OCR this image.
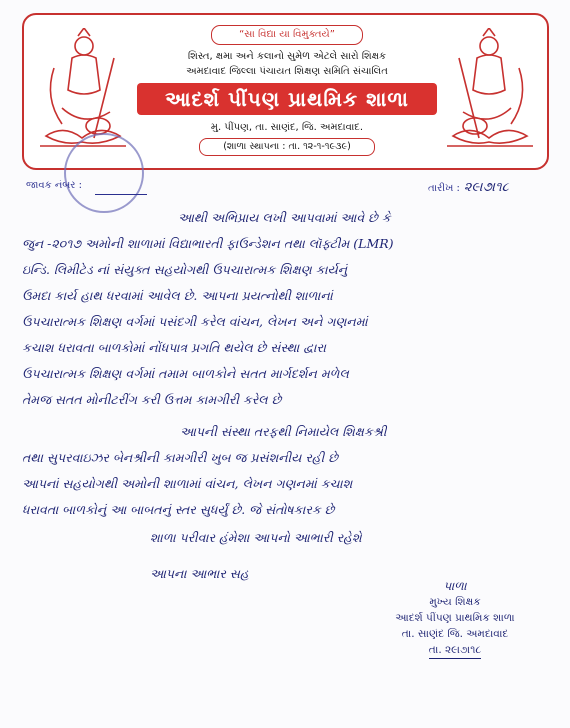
“સા વિદ્યા યા વિમુક્તયે”
શિસ્ત, ક્ષમા અને કલાનો સુમેળ એટલે સારો શિક્ષક
અમદાવાદ જિલ્લા પંચાયત શિક્ષણ સમિતિ સંચાલિત
આદર્શ પીંપણ પ્રાથમિક શાળા
મુ. પીંપણ, તા. સાણંદ, જિ. અમદાવાદ.
(શાળા સ્થાપના : તા. ૧૨-૧-૧૯૩૯)
જાવક નંબર :	તારીખ : ૨૯।૭।૧૮
આથી અભિપ્રાય લખી આપવામાં આવે છે કે
જુન -૨૦૧૭ અમોની શાળામાં વિદ્યાભારતી ફાઉન્ડેશન તથા લૉફ્ટીમ (LMR)
ઇન્ડિ. લિમીટેડ નાં સંયુક્ત સહયોગથી ઉપચારાત્મક શિક્ષણ કાર્યનું
ઉમદા કાર્ય હાથ ધરવામાં આવેલ છે. આપના પ્રયત્નોથી શાળાનાં
ઉપચારાત્મક શિક્ષણ વર્ગમાં પસંદગી કરેલ વાંચન, લેખન અને ગણનમાં
કચાશ ધરાવતા બાળકોમાં નોંધપાત્ર પ્રગતિ થયેલ છે સંસ્થા દ્વારા
ઉપચારાત્મક શિક્ષણ વર્ગમાં તમામ બાળકોને સતત માર્ગદર્શન મળેલ
તેમજ સતત મોનીટરીંગ કરી ઉત્તમ કામગીરી કરેલ છે
આપની સંસ્થા તરફથી નિમાયેલ શિક્ષકશ્રી
તથા સુપરવાઇઝર બેનશ્રીની કામગીરી ખુબ જ પ્રસંશનીય રહી છે
આપનાં સહયોગથી અમોની શાળામાં વાંચન, લેખન ગણનમાં કચાશ
ધરાવતા બાળકોનું આ બાબતનું સ્તર સુધર્યું છે. જે સંતોષકારક છે
શાળા પરીવાર હંમેશા આપનો આભારી રહેશે
આપના આભાર સહ
પાળા
મુખ્ય શિક્ષક
આદર્શ પીંપણ પ્રાથમિક શાળા
તા. સાણંદ જિ. અમદાવાદ
તા. ૨૯।૭।૧૮
